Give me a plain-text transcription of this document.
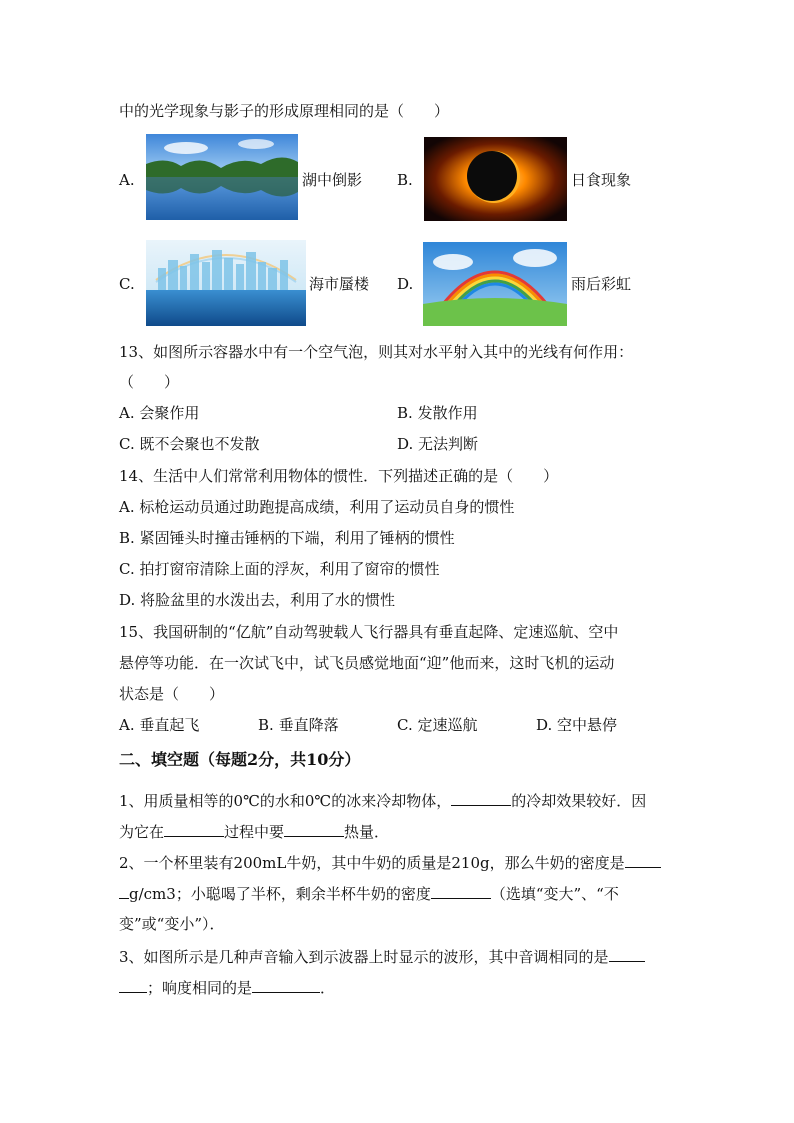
中的光学现象与影子的形成原理相同的是（　　）
A.	湖中倒影 B.	日食现象
C.	海市蜃楼 D.	雨后彩虹
13、如图所示容器水中有一个空气泡，则其对水平射入其中的光线有何作用：
（　　）
A. 会聚作用	B. 发散作用
C. 既不会聚也不发散	D. 无法判断
14、生活中人们常常利用物体的惯性．下列描述正确的是（　　）
A. 标枪运动员通过助跑提高成绩，利用了运动员自身的惯性
B. 紧固锤头时撞击锤柄的下端，利用了锤柄的惯性
C. 拍打窗帘清除上面的浮灰，利用了窗帘的惯性
D. 将脸盆里的水泼出去，利用了水的惯性
15、我国研制的“亿航”自动驾驶载人飞行器具有垂直起降、定速巡航、空中
悬停等功能．在一次试飞中，试飞员感觉地面“迎”他而来，这时飞机的运动
状态是（　　）
A. 垂直起飞	B. 垂直降落	C. 定速巡航	D. 空中悬停
二、填空题（每题2分，共10分）
1、用质量相等的0℃的水和0℃的冰来冷却物体，	的冷却效果较好．因
为它在	过程中要	热量．
2、一个杯里装有200mL牛奶，其中牛奶的质量是210g，那么牛奶的密度是
g/cm3；小聪喝了半杯，剩余半杯牛奶的密度	（选填“变大”、“不
变”或“变小”）．
3、如图所示是几种声音输入到示波器上时显示的波形，其中音调相同的是
；响度相同的是	．
